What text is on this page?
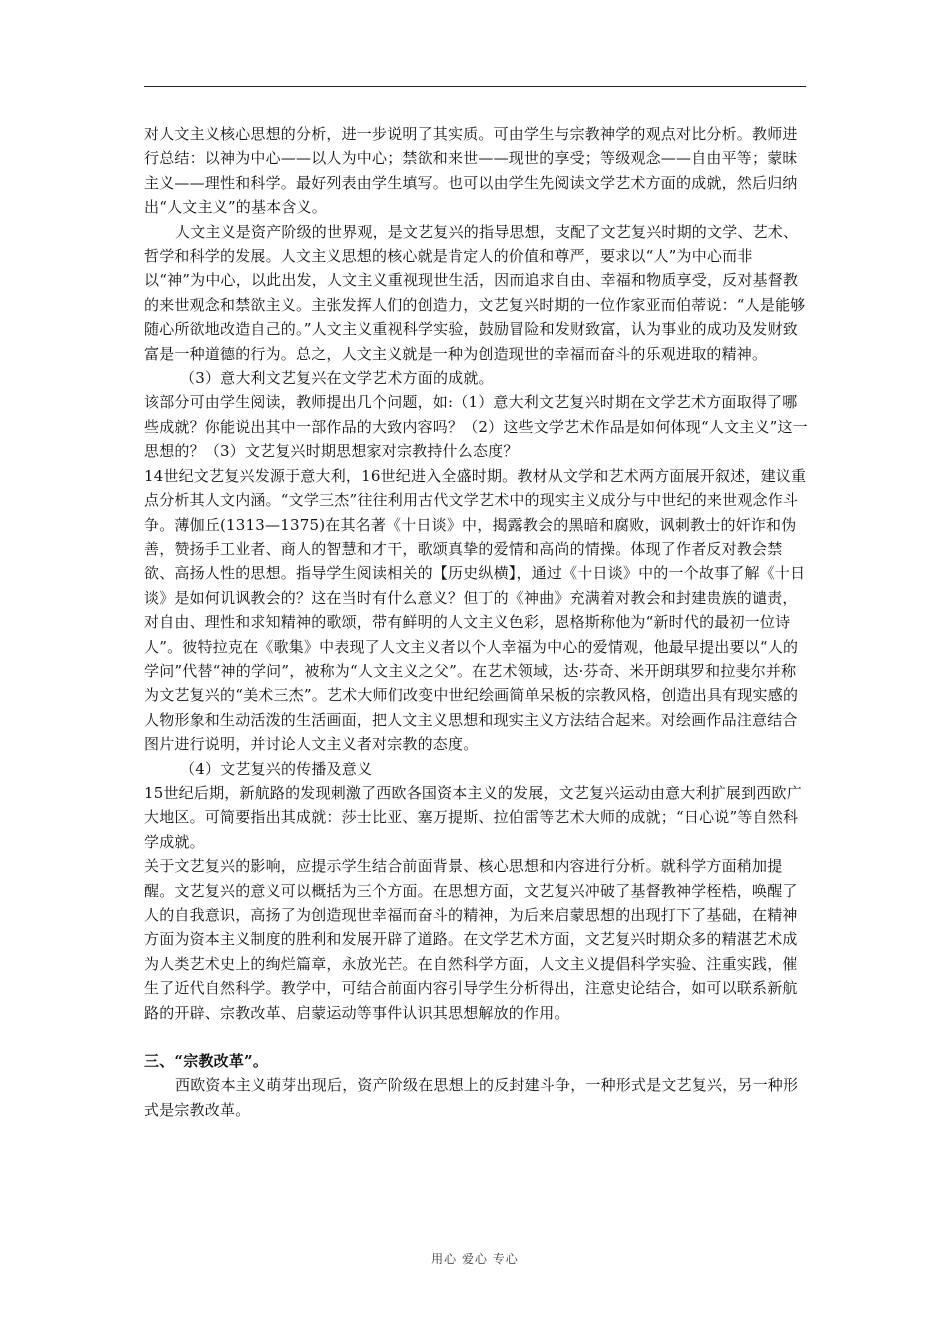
对人文主义核心思想的分析，进一步说明了其实质。可由学生与宗教神学的观点对比分析。教师进行总结：以神为中心——以人为中心；禁欲和来世——现世的享受；等级观念——自由平等；蒙昧主义——理性和科学。最好列表由学生填写。也可以由学生先阅读文学艺术方面的成就，然后归纳出“人文主义”的基本含义。

人文主义是资产阶级的世界观，是文艺复兴的指导思想，支配了文艺复兴时期的文学、艺术、哲学和科学的发展。人文主义思想的核心就是肯定人的价值和尊严，要求以“人”为中心而非以“神”为中心，以此出发，人文主义重视现世生活，因而追求自由、幸福和物质享受，反对基督教的来世观念和禁欲主义。主张发挥人们的创造力，文艺复兴时期的一位作家亚而伯蒂说：“人是能够随心所欲地改造自己的。”人文主义重视科学实验，鼓励冒险和发财致富，认为事业的成功及发财致富是一种道德的行为。总之，人文主义就是一种为创造现世的幸福而奋斗的乐观进取的精神。

（3）意大利文艺复兴在文学艺术方面的成就。

该部分可由学生阅读，教师提出几个问题，如:（1）意大利文艺复兴时期在文学艺术方面取得了哪些成就？你能说出其中一部作品的大致内容吗？（2）这些文学艺术作品是如何体现“人文主义”这一思想的？（3）文艺复兴时期思想家对宗教持什么态度？

14世纪文艺复兴发源于意大利，16世纪进入全盛时期。教材从文学和艺术两方面展开叙述，建议重点分析其人文内涵。“文学三杰”往往利用古代文学艺术中的现实主义成分与中世纪的来世观念作斗争。薄伽丘(1313—1375)在其名著《十日谈》中，揭露教会的黑暗和腐败，讽刺教士的奸诈和伪善，赞扬手工业者、商人的智慧和才干，歌颂真挚的爱情和高尚的情操。体现了作者反对教会禁欲、高扬人性的思想。指导学生阅读相关的【历史纵横】，通过《十日谈》中的一个故事了解《十日谈》是如何讥讽教会的？这在当时有什么意义？但丁的《神曲》充满着对教会和封建贵族的谴责，对自由、理性和求知精神的歌颂，带有鲜明的人文主义色彩，恩格斯称他为“新时代的最初一位诗人”。彼特拉克在《歌集》中表现了人文主义者以个人幸福为中心的爱情观，他最早提出要以“人的学问”代替“神的学问”，被称为“人文主义之父”。在艺术领域，达·芬奇、米开朗琪罗和拉斐尔并称为文艺复兴的“美术三杰”。艺术大师们改变中世纪绘画简单呆板的宗教风格，创造出具有现实感的人物形象和生动活泼的生活画面，把人文主义思想和现实主义方法结合起来。对绘画作品注意结合图片进行说明，并讨论人文主义者对宗教的态度。

（4）文艺复兴的传播及意义

15世纪后期，新航路的发现刺激了西欧各国资本主义的发展，文艺复兴运动由意大利扩展到西欧广大地区。可简要指出其成就：莎士比亚、塞万提斯、拉伯雷等艺术大师的成就；“日心说”等自然科学成就。

关于文艺复兴的影响，应提示学生结合前面背景、核心思想和内容进行分析。就科学方面稍加提醒。文艺复兴的意义可以概括为三个方面。在思想方面，文艺复兴冲破了基督教神学桎梏，唤醒了人的自我意识，高扬了为创造现世幸福而奋斗的精神，为后来启蒙思想的出现打下了基础，在精神方面为资本主义制度的胜利和发展开辟了道路。在文学艺术方面，文艺复兴时期众多的精湛艺术成为人类艺术史上的绚烂篇章，永放光芒。在自然科学方面，人文主义提倡科学实验、注重实践，催生了近代自然科学。教学中，可结合前面内容引导学生分析得出，注意史论结合，如可以联系新航路的开辟、宗教改革、启蒙运动等事件认识其思想解放的作用。

三、“宗教改革”。

西欧资本主义萌芽出现后，资产阶级在思想上的反封建斗争，一种形式是文艺复兴，另一种形式是宗教改革。

用心 爱心 专心
